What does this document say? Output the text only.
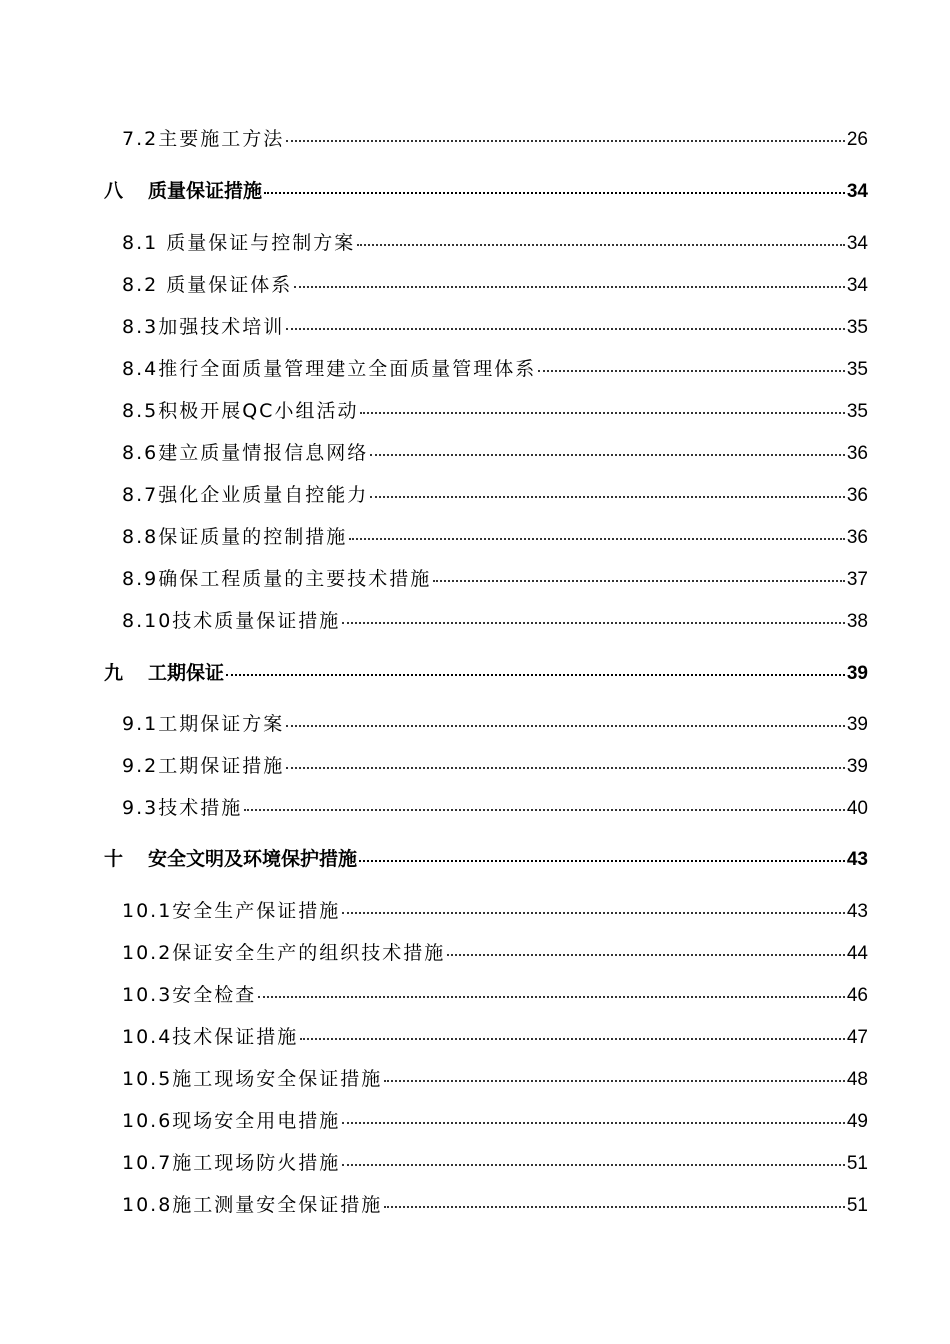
7.2主要施工方法	26
八	质量保证措施	34
8.1 质量保证与控制方案	34
8.2 质量保证体系	34
8.3加强技术培训	35
8.4推行全面质量管理建立全面质量管理体系	35
8.5积极开展QC小组活动	35
8.6建立质量情报信息网络	36
8.7强化企业质量自控能力	36
8.8保证质量的控制措施	36
8.9确保工程质量的主要技术措施	37
8.10技术质量保证措施	38
九	工期保证	39
9.1工期保证方案	39
9.2工期保证措施	39
9.3技术措施	40
十	安全文明及环境保护措施	43
10.1安全生产保证措施	43
10.2保证安全生产的组织技术措施	44
10.3安全检查	46
10.4技术保证措施	47
10.5施工现场安全保证措施	48
10.6现场安全用电措施	49
10.7施工现场防火措施	51
10.8施工测量安全保证措施	51
